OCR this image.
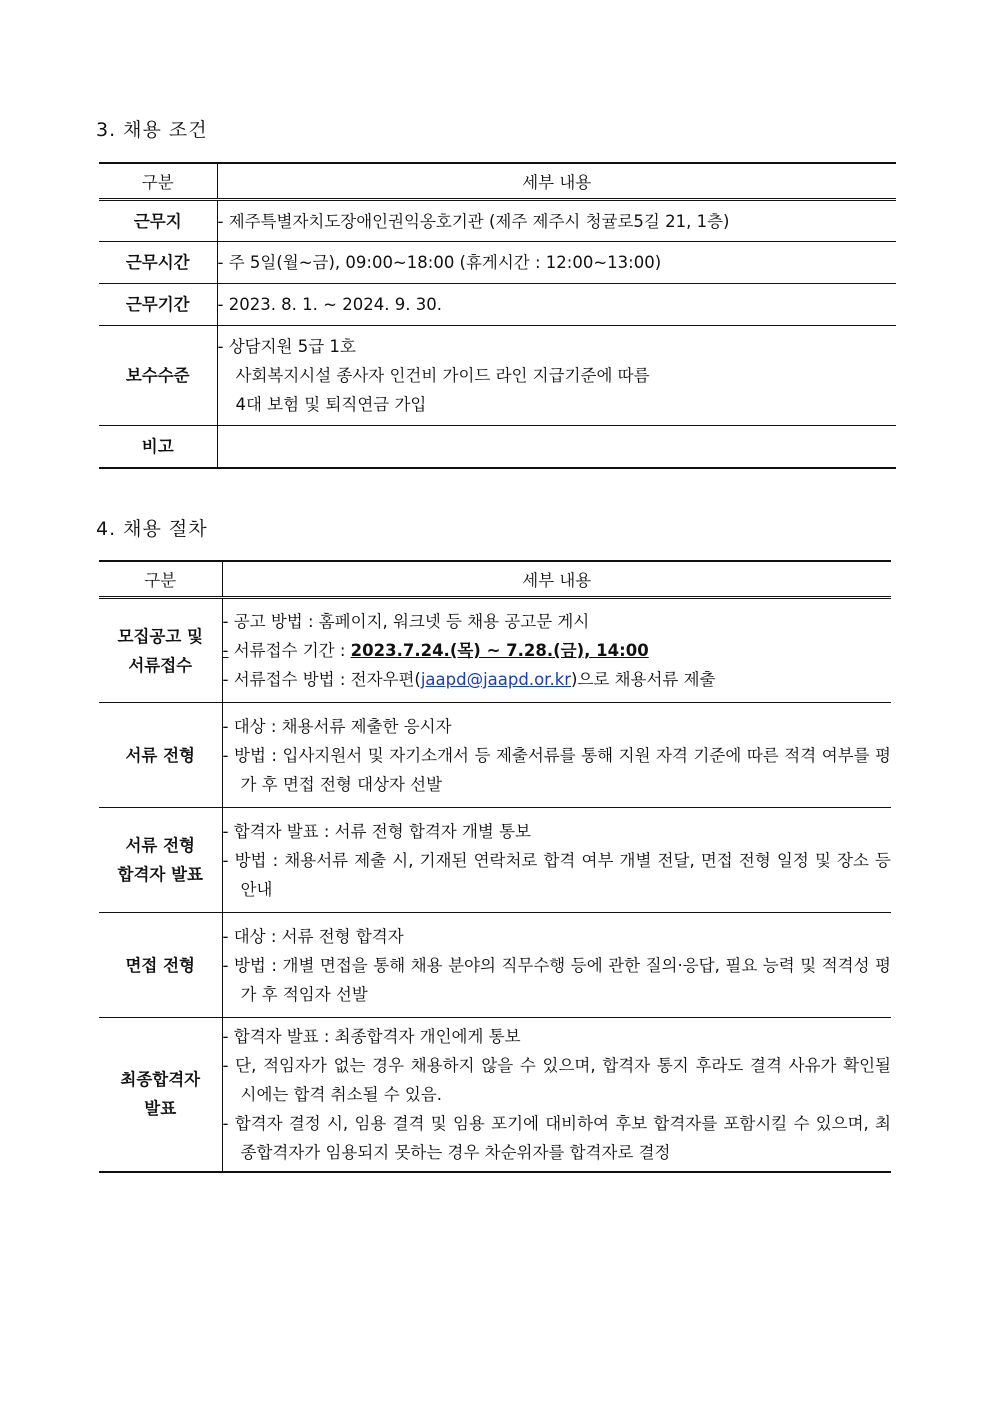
3. 채용 조건
구분	세부 내용
근무지	- 제주특별자치도장애인권익옹호기관 (제주 제주시 청귤로5길 21, 1층)

근무시간	- 주 5일(월~금), 09:00~18:00 (휴게시간 : 12:00~13:00)

근무기간	- 2023. 8. 1. ~ 2024. 9. 30.

보수수준	- 상담지원 5급 1호
사회복지시설 종사자 인건비 가이드 라인 지급기준에 따름
4대 보험 및 퇴직연금 가입

비고	
4. 채용 절차
구분	세부 내용

모집공고 및
서류접수	- 공고 방법 : 홈페이지, 워크넷 등 채용 공고문 게시
- 서류접수 기간 : 2023.7.24.(목) ~ 7.28.(금), 14:00
- 서류접수 방법 : 전자우편(jaapd@jaapd.or.kr)으로 채용서류 제출

서류 전형	- 대상 : 채용서류 제출한 응시자
- 방법 : 입사지원서 및 자기소개서 등 제출서류를 통해 지원 자격 기준에 따른 적격 여부를 평가 후 면접 전형 대상자 선발

서류 전형
합격자 발표	- 합격자 발표 : 서류 전형 합격자 개별 통보
- 방법 : 채용서류 제출 시, 기재된 연락처로 합격 여부 개별 전달, 면접 전형 일정 및 장소 등 안내

면접 전형	- 대상 : 서류 전형 합격자
- 방법 : 개별 면접을 통해 채용 분야의 직무수행 등에 관한 질의·응답, 필요 능력 및 적격성 평가 후 적임자 선발

최종합격자
발표	- 합격자 발표 : 최종합격자 개인에게 통보
- 단, 적임자가 없는 경우 채용하지 않을 수 있으며, 합격자 통지 후라도 결격 사유가 확인될 시에는 합격 취소될 수 있음.
- 합격자 결정 시, 임용 결격 및 임용 포기에 대비하여 후보 합격자를 포함시킬 수 있으며, 최종합격자가 임용되지 못하는 경우 차순위자를 합격자로 결정
